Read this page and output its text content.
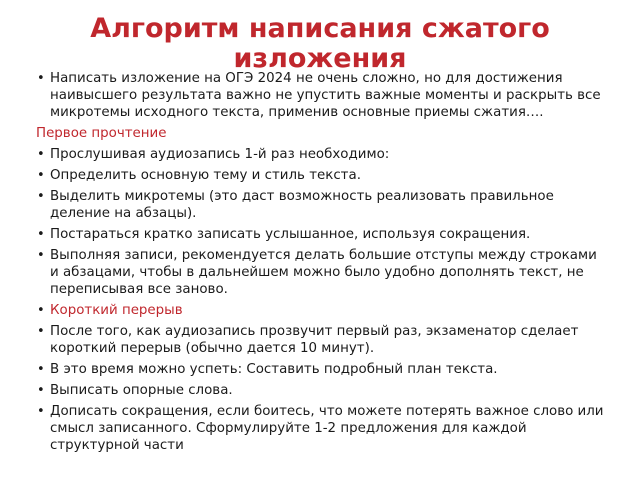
Алгоритм написания сжатого изложения
• Написать изложение на ОГЭ 2024 не очень сложно, но для достижения наивысшего результата важно не упустить важные моменты и раскрыть все микротемы исходного текста, применив основные приемы сжатия….
Первое прочтение
• Прослушивая аудиозапись 1-й раз необходимо:
• Определить основную тему и стиль текста.
• Выделить микротемы (это даст возможность реализовать правильное деление на абзацы).
• Постараться кратко записать услышанное, используя сокращения.
• Выполняя записи, рекомендуется делать большие отступы между строками и абзацами, чтобы в дальнейшем можно было удобно дополнять текст, не переписывая все заново.
• Короткий перерыв
• После того, как аудиозапись прозвучит первый раз, экзаменатор сделает короткий перерыв (обычно дается 10 минут).
• В это время можно успеть: Составить подробный план текста.
• Выписать опорные слова.
• Дописать сокращения, если боитесь, что можете потерять важное слово или смысл записанного. Сформулируйте 1-2 предложения для каждой структурной части
